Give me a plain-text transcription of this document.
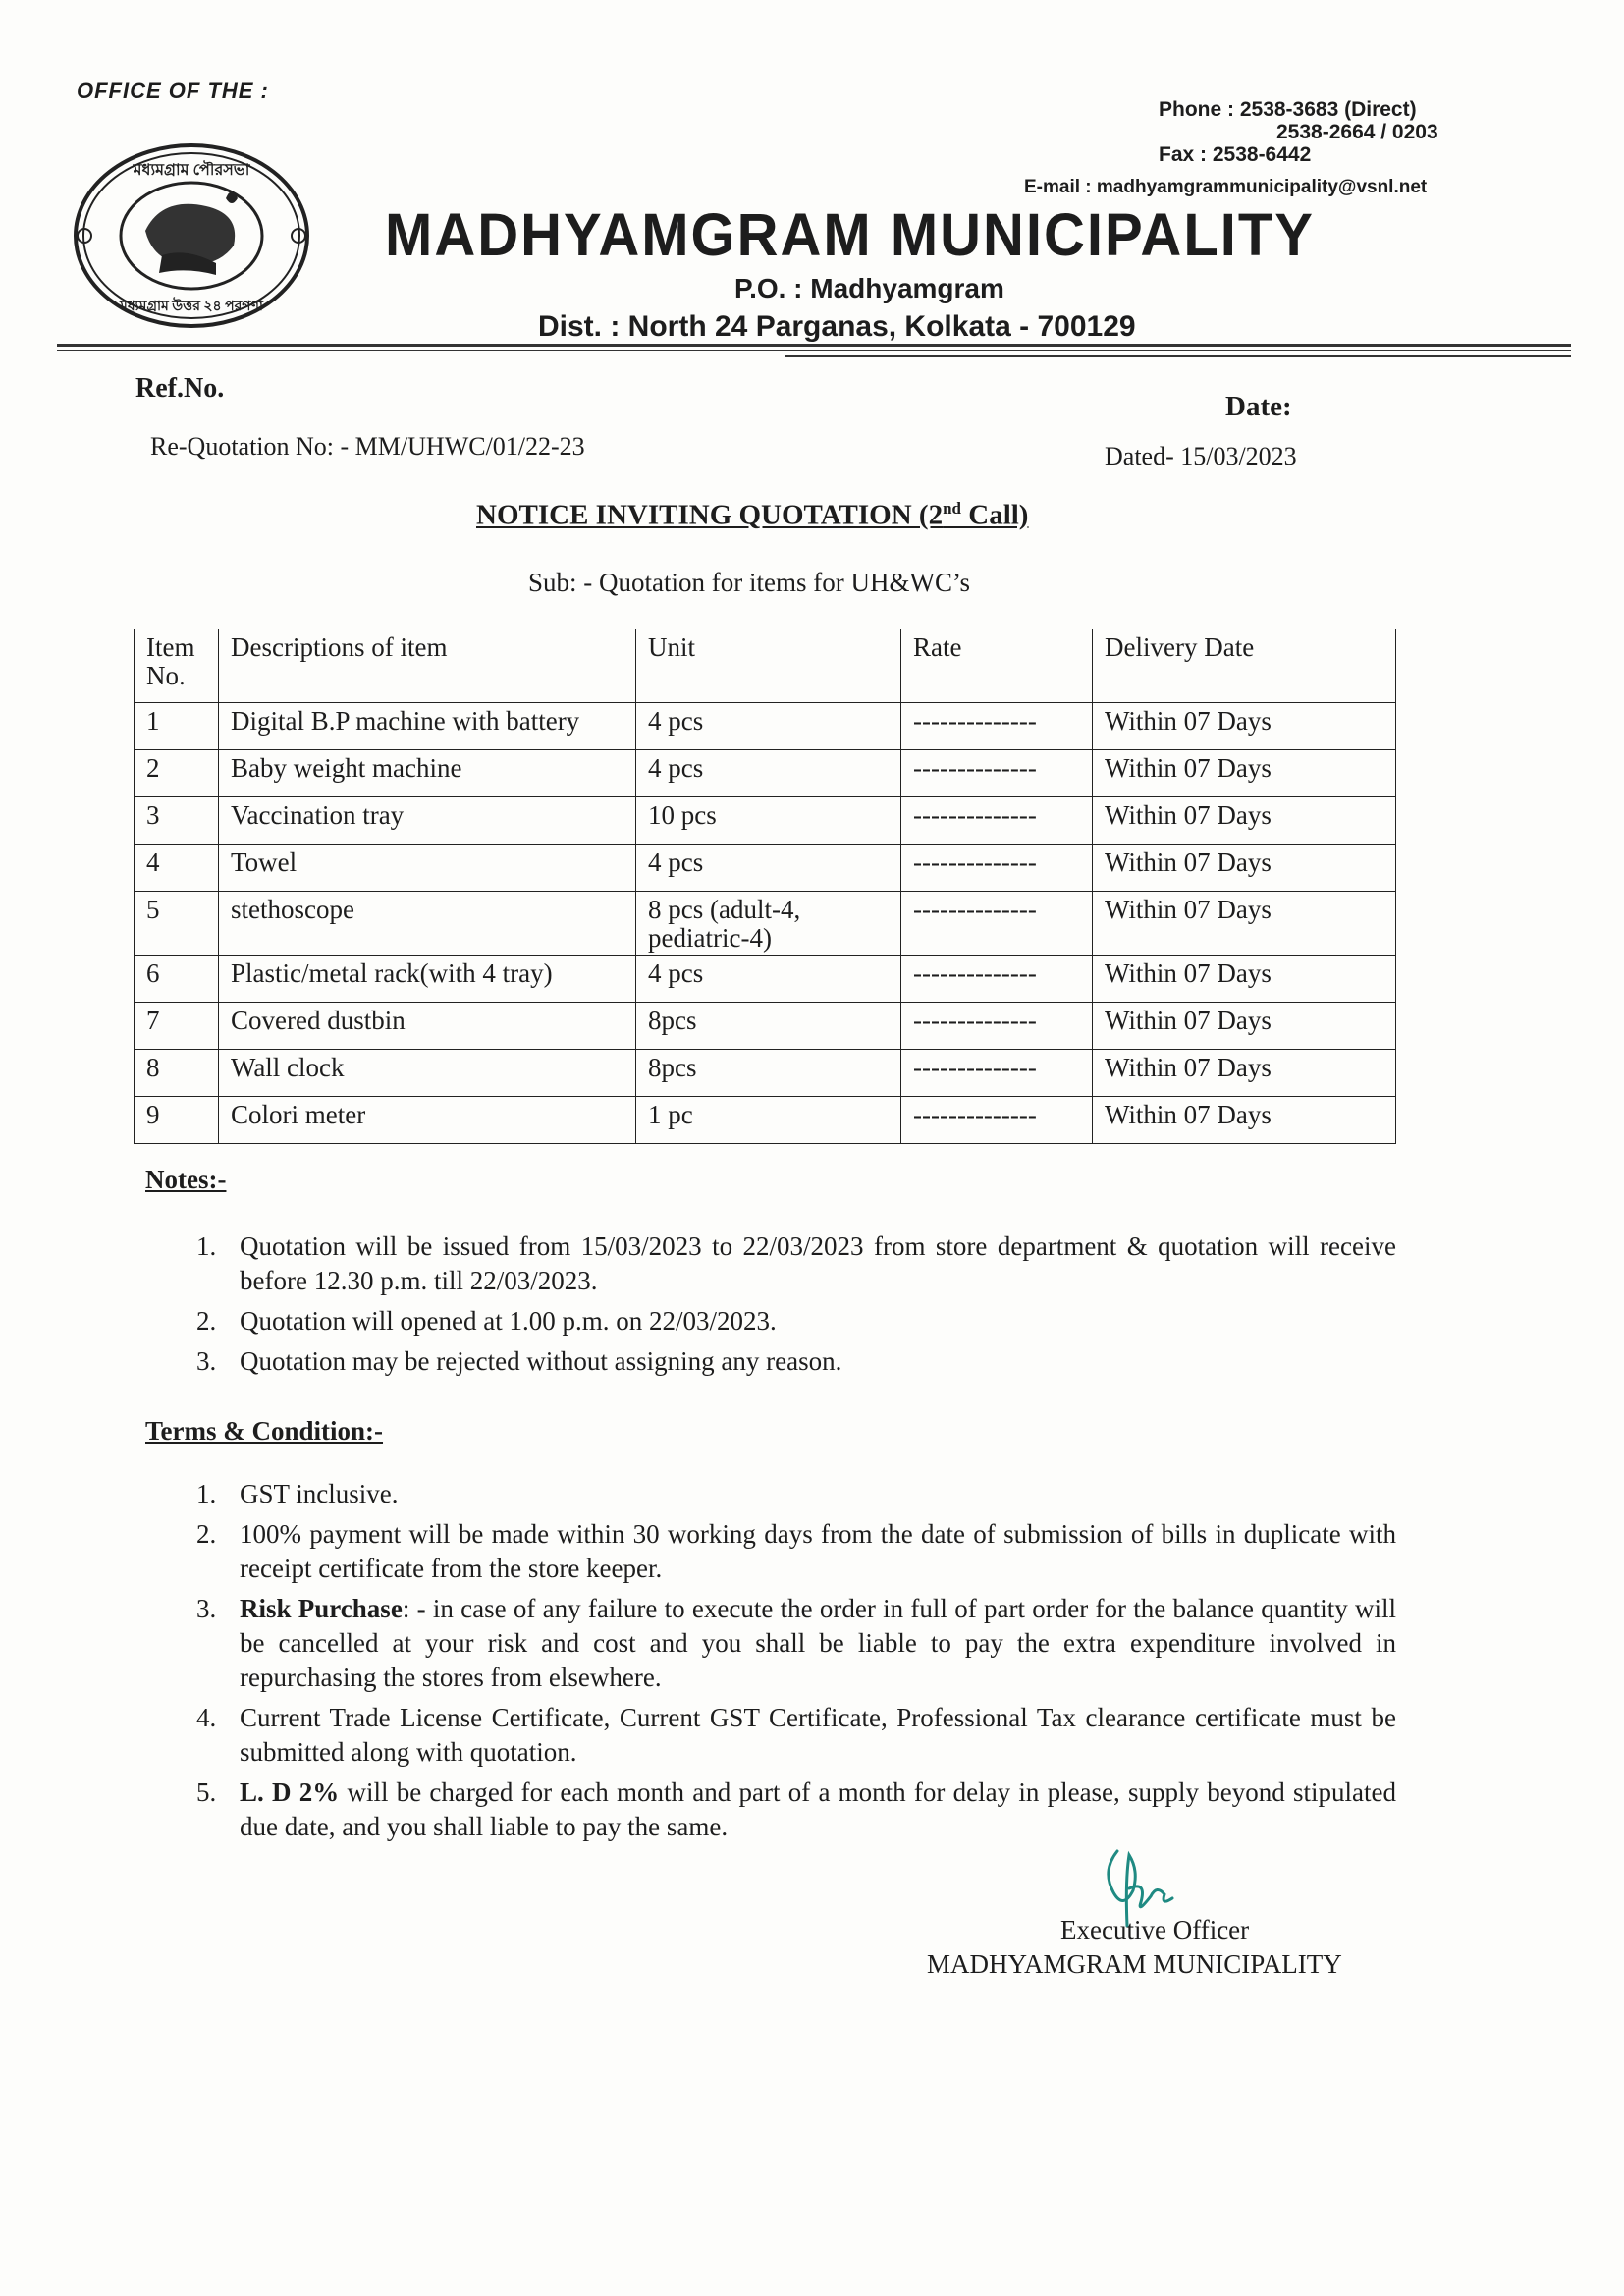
OFFICE OF THE :
মধ্যমগ্রাম পৌরসভা
মধ্যমগ্রাম উত্তর ২৪ পরগণা
Phone : 2538-3683 (Direct)
2538-2664 / 0203
Fax : 2538-6442
E-mail : madhyamgrammunicipality@vsnl.net
MADHYAMGRAM MUNICIPALITY
P.O. : Madhyamgram
Dist. : North 24 Parganas, Kolkata - 700129
Ref.No.
Date:
Re-Quotation No: - MM/UHWC/01/22-23	Dated- 15/03/2023
NOTICE INVITING QUOTATION (2nd Call)
Sub: - Quotation for items for UH&WC’s
Item No.	Descriptions of item	Unit	Rate	Delivery Date
1	Digital B.P machine with battery	4 pcs	--------------	Within 07 Days
2	Baby weight machine	4 pcs	--------------	Within 07 Days
3	Vaccination tray	10 pcs	--------------	Within 07 Days
4	Towel	4 pcs	--------------	Within 07 Days
5	stethoscope	8 pcs (adult-4, pediatric-4)	--------------	Within 07 Days
6	Plastic/metal rack(with 4 tray)	4 pcs	--------------	Within 07 Days
7	Covered dustbin	8pcs	--------------	Within 07 Days
8	Wall clock	8pcs	--------------	Within 07 Days
9	Colori meter	1 pc	--------------	Within 07 Days
Notes:-
1. Quotation will be issued from 15/03/2023 to 22/03/2023 from store department & quotation will receive before 12.30 p.m. till 22/03/2023.
2. Quotation will opened at 1.00 p.m. on 22/03/2023.
3. Quotation may be rejected without assigning any reason.
Terms & Condition:-
1. GST inclusive.
2. 100% payment will be made within 30 working days from the date of submission of bills in duplicate with receipt certificate from the store keeper.
3. Risk Purchase: - in case of any failure to execute the order in full of part order for the balance quantity will be cancelled at your risk and cost and you shall be liable to pay the extra expenditure involved in repurchasing the stores from elsewhere.
4. Current Trade License Certificate, Current GST Certificate, Professional Tax clearance certificate must be submitted along with quotation.
5. L. D 2% will be charged for each month and part of a month for delay in please, supply beyond stipulated due date, and you shall liable to pay the same.
Executive Officer
MADHYAMGRAM MUNICIPALITY
